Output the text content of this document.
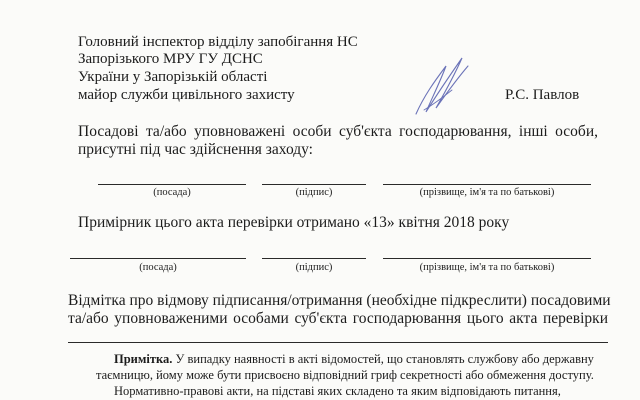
Головний інспектор відділу запобігання НС
Запорізького МРУ ГУ ДСНС
України у Запорізькій області
майор служби цивільного захисту	Р.С. Павлов
Посадові та/або уповноважені особи суб'єкта господарювання, інші особи,
присутні під час здійснення заходу:
(посада)	(підпис)	(прізвище, ім'я та по батькові)
Примірник цього акта перевірки отримано «13» квітня 2018 року
(посада)	(підпис)	(прізвище, ім'я та по батькові)
Відмітка про відмову підписання/отримання (необхідне підкреслити) посадовими
та/або уповноваженими особами суб'єкта господарювання цього акта перевірки
Примітка. У випадку наявності в акті відомостей, що становлять службову або державну
таємницю, йому може бути присвоєно відповідний гриф секретності або обмеження доступу.
Нормативно-правові акти, на підставі яких складено та яким відповідають питання,
